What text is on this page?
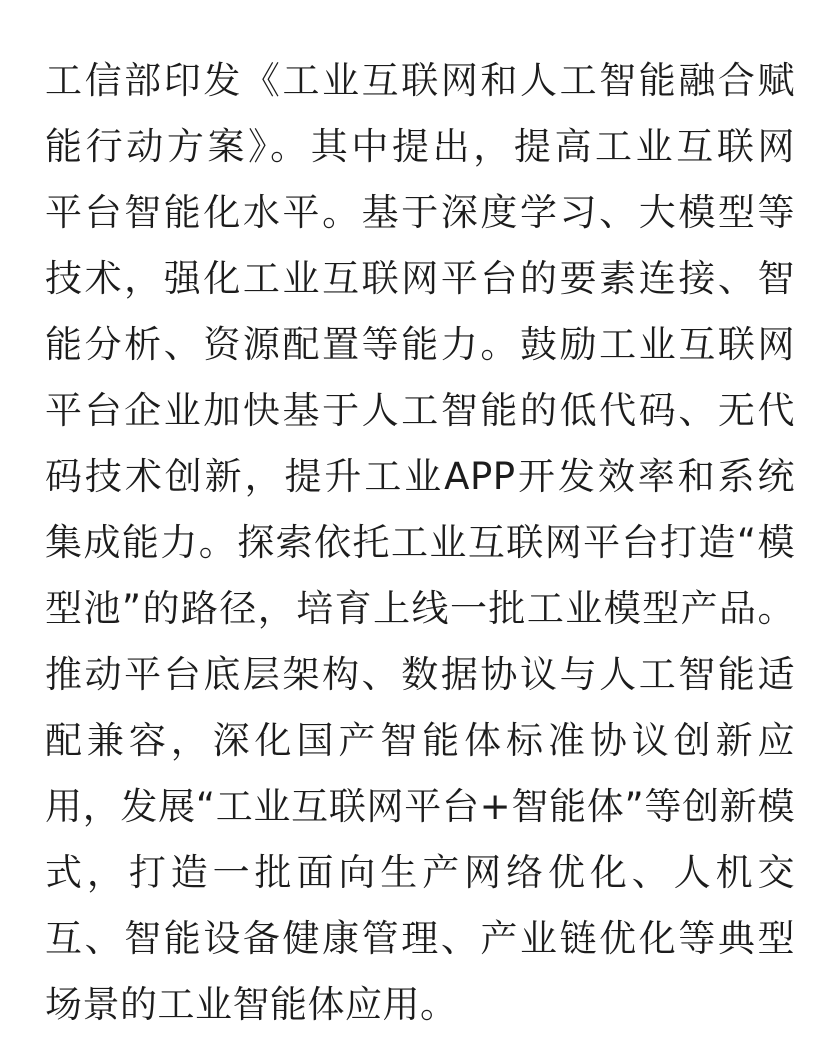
工信部印发《工业互联网和人工智能融合赋
能行动方案》。其中提出，提高工业互联网
平台智能化水平。基于深度学习、大模型等
技术，强化工业互联网平台的要素连接、智
能分析、资源配置等能力。鼓励工业互联网
平台企业加快基于人工智能的低代码、无代
码技术创新，提升工业APP开发效率和系统
集成能力。探索依托工业互联网平台打造“模
型池”的路径，培育上线一批工业模型产品。
推动平台底层架构、数据协议与人工智能适
配兼容，深化国产智能体标准协议创新应
用，发展“工业互联网平台+智能体”等创新模
式，打造一批面向生产网络优化、人机交
互、智能设备健康管理、产业链优化等典型
场景的工业智能体应用。
